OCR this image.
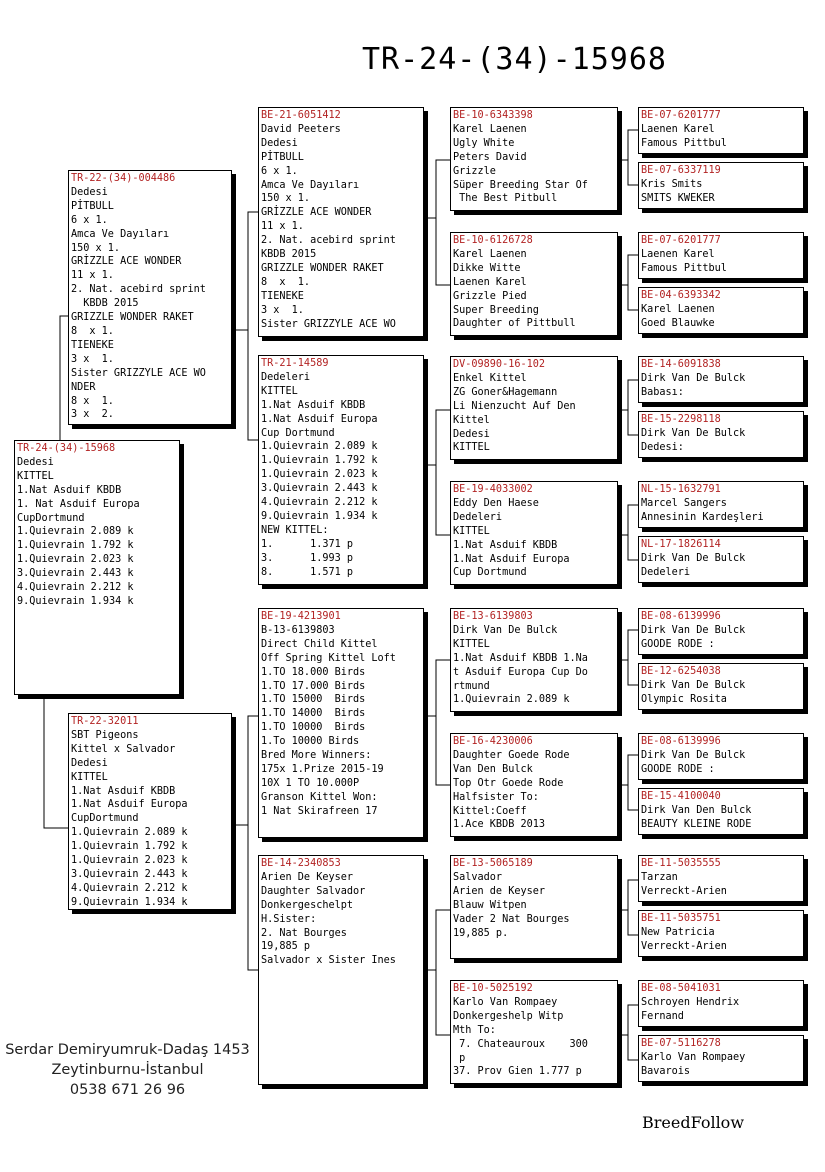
TR-24-(34)-15968
TR-24-(34)-15968
Dedesi
KITTEL
1.Nat Asduif KBDB
1. Nat Asduif Europa
CupDortmund
1.Quievrain 2.089 k
1.Quievrain 1.792 k
1.Quievrain 2.023 k
3.Quievrain 2.443 k
4.Quievrain 2.212 k
9.Quievrain 1.934 k
TR-22-(34)-004486
Dedesi
PİTBULL
6 x 1.
Amca Ve Dayıları
150 x 1.
GRİZZLE ACE WONDER
11 x 1.
2. Nat. acebird sprint
KBDB 2015
GRIZZLE WONDER RAKET
8  x 1.
TIENEKE
3 x  1.
Sister GRIZZYLE ACE WO
NDER
8 x  1.
3 x  2.
TR-22-32011
SBT Pigeons
Kittel x Salvador
Dedesi
KITTEL
1.Nat Asduif KBDB
1.Nat Asduif Europa
CupDortmund
1.Quievrain 2.089 k
1.Quievrain 1.792 k
1.Quievrain 2.023 k
3.Quievrain 2.443 k
4.Quievrain 2.212 k
9.Quievrain 1.934 k
BE-21-6051412
David Peeters
Dedesi
PİTBULL
6 x 1.
Amca Ve Dayıları
150 x 1.
GRİZZLE ACE WONDER
11 x 1.
2. Nat. acebird sprint
KBDB 2015
GRIZZLE WONDER RAKET
8  x  1.
TIENEKE
3 x  1.
Sister GRIZZYLE ACE WO
TR-21-14589
Dedeleri
KITTEL
1.Nat Asduif KBDB
1.Nat Asduif Europa
Cup Dortmund
1.Quievrain 2.089 k
1.Quievrain 1.792 k
1.Quievrain 2.023 k
3.Quievrain 2.443 k
4.Quievrain 2.212 k
9.Quievrain 1.934 k
NEW KITTEL:
1.      1.371 p
3.      1.993 p
8.      1.571 p
BE-19-4213901
B-13-6139803
Direct Child Kittel
Off Spring Kittel Loft
1.TO 18.000 Birds
1.TO 17.000 Birds
1.TO 15000  Birds
1.TO 14000  Birds
1.TO 10000  Birds
1.To 10000 Birds
Bred More Winners:
175x 1.Prize 2015-19
10X 1 TO 10.000P
Granson Kittel Won:
1 Nat Skirafreen 17
BE-14-2340853
Arien De Keyser
Daughter Salvador
Donkergeschelpt
H.Sister:
2. Nat Bourges
19,885 p
Salvador x Sister Ines
BE-10-6343398
Karel Laenen
Ugly White
Peters David
Grizzle
Süper Breeding Star Of
The Best Pitbull
BE-10-6126728
Karel Laenen
Dikke Witte
Laenen Karel
Grizzle Pied
Super Breeding
Daughter of Pittbull
DV-09890-16-102
Enkel Kittel
ZG Goner&Hagemann
Li Nienzucht Auf Den
Kittel
Dedesi
KITTEL
BE-19-4033002
Eddy Den Haese
Dedeleri
KITTEL
1.Nat Asduif KBDB
1.Nat Asduif Europa
Cup Dortmund
BE-13-6139803
Dirk Van De Bulck
KITTEL
1.Nat Asduif KBDB 1.Na
t Asduif Europa Cup Do
rtmund
1.Quievrain 2.089 k
BE-16-4230006
Daughter Goede Rode
Van Den Bulck
Top Otr Goede Rode
Halfsister To:
Kittel:Coeff
1.Ace KBDB 2013
BE-13-5065189
Salvador
Arien de Keyser
Blauw Witpen
Vader 2 Nat Bourges
19,885 p.
BE-10-5025192
Karlo Van Rompaey
Donkergeshelp Witp
Mth To:
7. Chateauroux    300
p
37. Prov Gien 1.777 p
BE-07-6201777
Laenen Karel
Famous Pittbul
BE-07-6337119
Kris Smits
SMITS KWEKER
BE-07-6201777
Laenen Karel
Famous Pittbul
BE-04-6393342
Karel Laenen
Goed Blauwke
BE-14-6091838
Dirk Van De Bulck
Babası:
BE-15-2298118
Dirk Van De Bulck
Dedesi:
NL-15-1632791
Marcel Sangers
Annesinin Kardeşleri
NL-17-1826114
Dirk Van De Bulck
Dedeleri
BE-08-6139996
Dirk Van De Bulck
GOODE RODE :
BE-12-6254038
Dirk Van De Bulck
Olympic Rosita
BE-08-6139996
Dirk Van De Bulck
GOODE RODE :
BE-15-4100040
Dirk Van Den Bulck
BEAUTY KLEINE RODE
BE-11-5035555
Tarzan
Verreckt-Arien
BE-11-5035751
New Patricia
Verreckt-Arien
BE-08-5041031
Schroyen Hendrix
Fernand
BE-07-5116278
Karlo Van Rompaey
Bavarois
Serdar Demiryumruk-Dadaş 1453
Zeytinburnu-İstanbul
0538 671 26 96
BreedFollow
